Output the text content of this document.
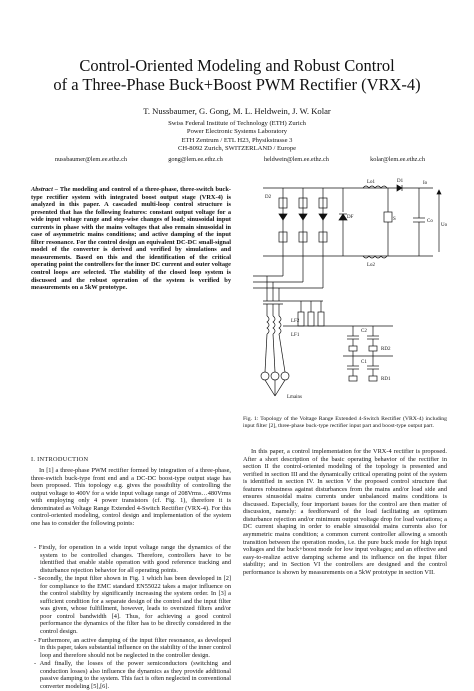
Control-Oriented Modeling and Robust Control
of a Three-Phase Buck+Boost PWM Rectifier (VRX-4)
T. Nussbaumer, G. Gong, M. L. Heldwein, J. W. Kolar
Swiss Federal Institute of Technology (ETH) Zurich
Power Electronic Systems Laboratory
ETH Zentrum / ETL H23, Physikstrasse 3
CH-8092 Zurich, SWITZERLAND / Europe
nussbaumer@lem.ee.ethz.ch	gong@lem.ee.ethz.ch	heldwein@lem.ee.ethz.ch	kolar@lem.ee.ethz.ch
Abstract – The modeling and control of a three-phase, three-switch buck-type rectifier system with integrated boost output stage (VRX-4) is analyzed in this paper. A cascaded multi-loop control structure is presented that has the following features: constant output voltage for a wide input voltage range and step-wise changes of load; sinusoidal input currents in phase with the mains voltages that also remain sinusoidal in case of asymmetric mains conditions; and active damping of the input filter resonance. For the control design an equivalent DC-DC small-signal model of the converter is derived and verified by simulations and measurements. Based on this and the identification of the critical operating point the controllers for the inner DC current and outer voltage control loops are selected. The stability of the closed loop system is discussed and the robust operation of the system is verified by measurements on a 5kW prototype.
I. INTRODUCTION
In [1] a three-phase PWM rectifier formed by integration of a three-phase, three-switch buck-type front end and a DC-DC boost-type output stage has been proposed. This topology e.g. gives the possibility of controlling the output voltage to 400V for a wide input voltage range of 208Vrms…480Vrms with employing only 4 power transistors (cf. Fig. 1), therefore it is denominated as Voltage Range Extended 4-Switch Rectifier (VRX-4). For this control-oriented modeling, control design and implementation of the system one has to consider the following points:
- Firstly, for operation in a wide input voltage range the dynamics of the system to be controlled changes. Therefore, controllers have to be identified that enable stable operation with good reference tracking and disturbance rejection behavior for all operating points.
- Secondly, the input filter shown in Fig. 1 which has been developed in [2] for compliance to the EMC standard EN55022 takes a major influence on the control stability by significantly increasing the system order. In [3] a sufficient condition for a separate design of the control and the input filter was given, whose fulfillment, however, leads to oversized filters and/or poor control bandwidth [4]. Thus, for achieving a good control performance the dynamics of the filter has to be directly considered in the control design.
- Furthermore, an active damping of the input filter resonance, as developed in this paper, takes substantial influence on the stability of the inner control loop and therefore should not be neglected in the controller design.
- And finally, the losses of the power semiconductors (switching and conduction losses) also influence the dynamics as they provide additional passive damping to the system. This fact is often neglected in conventional converter modeling [5],[6].
Lo1	D1	Io
Co
Uo
S
DF
D2
Lo2
LF2
LF1
C2
RD2
C1
RD1
Lmains
Fig. 1: Topology of the Voltage Range Extended 4-Switch Rectifier (VRX-4) including input filter [2], three-phase buck-type rectifier input part and boost-type output part.
In this paper, a control implementation for the VRX-4 rectifier is proposed. After a short description of the basic operating behavior of the rectifier in section II the control-oriented modeling of the topology is presented and verified in section III and the dynamically critical operating point of the system is identified in section IV. In section V the proposed control structure that features robustness against disturbances from the mains and/or load side and ensures sinusoidal mains currents under unbalanced mains conditions is discussed. Especially, four important issues for the control are then matter of discussion, namely: a feedforward of the load facilitating an optimum disturbance rejection and/or minimum output voltage drop for load variations; a DC current shaping in order to enable sinusoidal mains currents also for asymmetric mains condition; a common current controller allowing a smooth transition between the operation modes, i.e. the pure buck mode for high input voltages and the buck+boost mode for low input voltages; and an effective and easy-to-realize active damping scheme and its influence on the input filter stability; and in Section VI the controllers are designed and the control performance is shown by measurements on a 5kW prototype in section VII.
